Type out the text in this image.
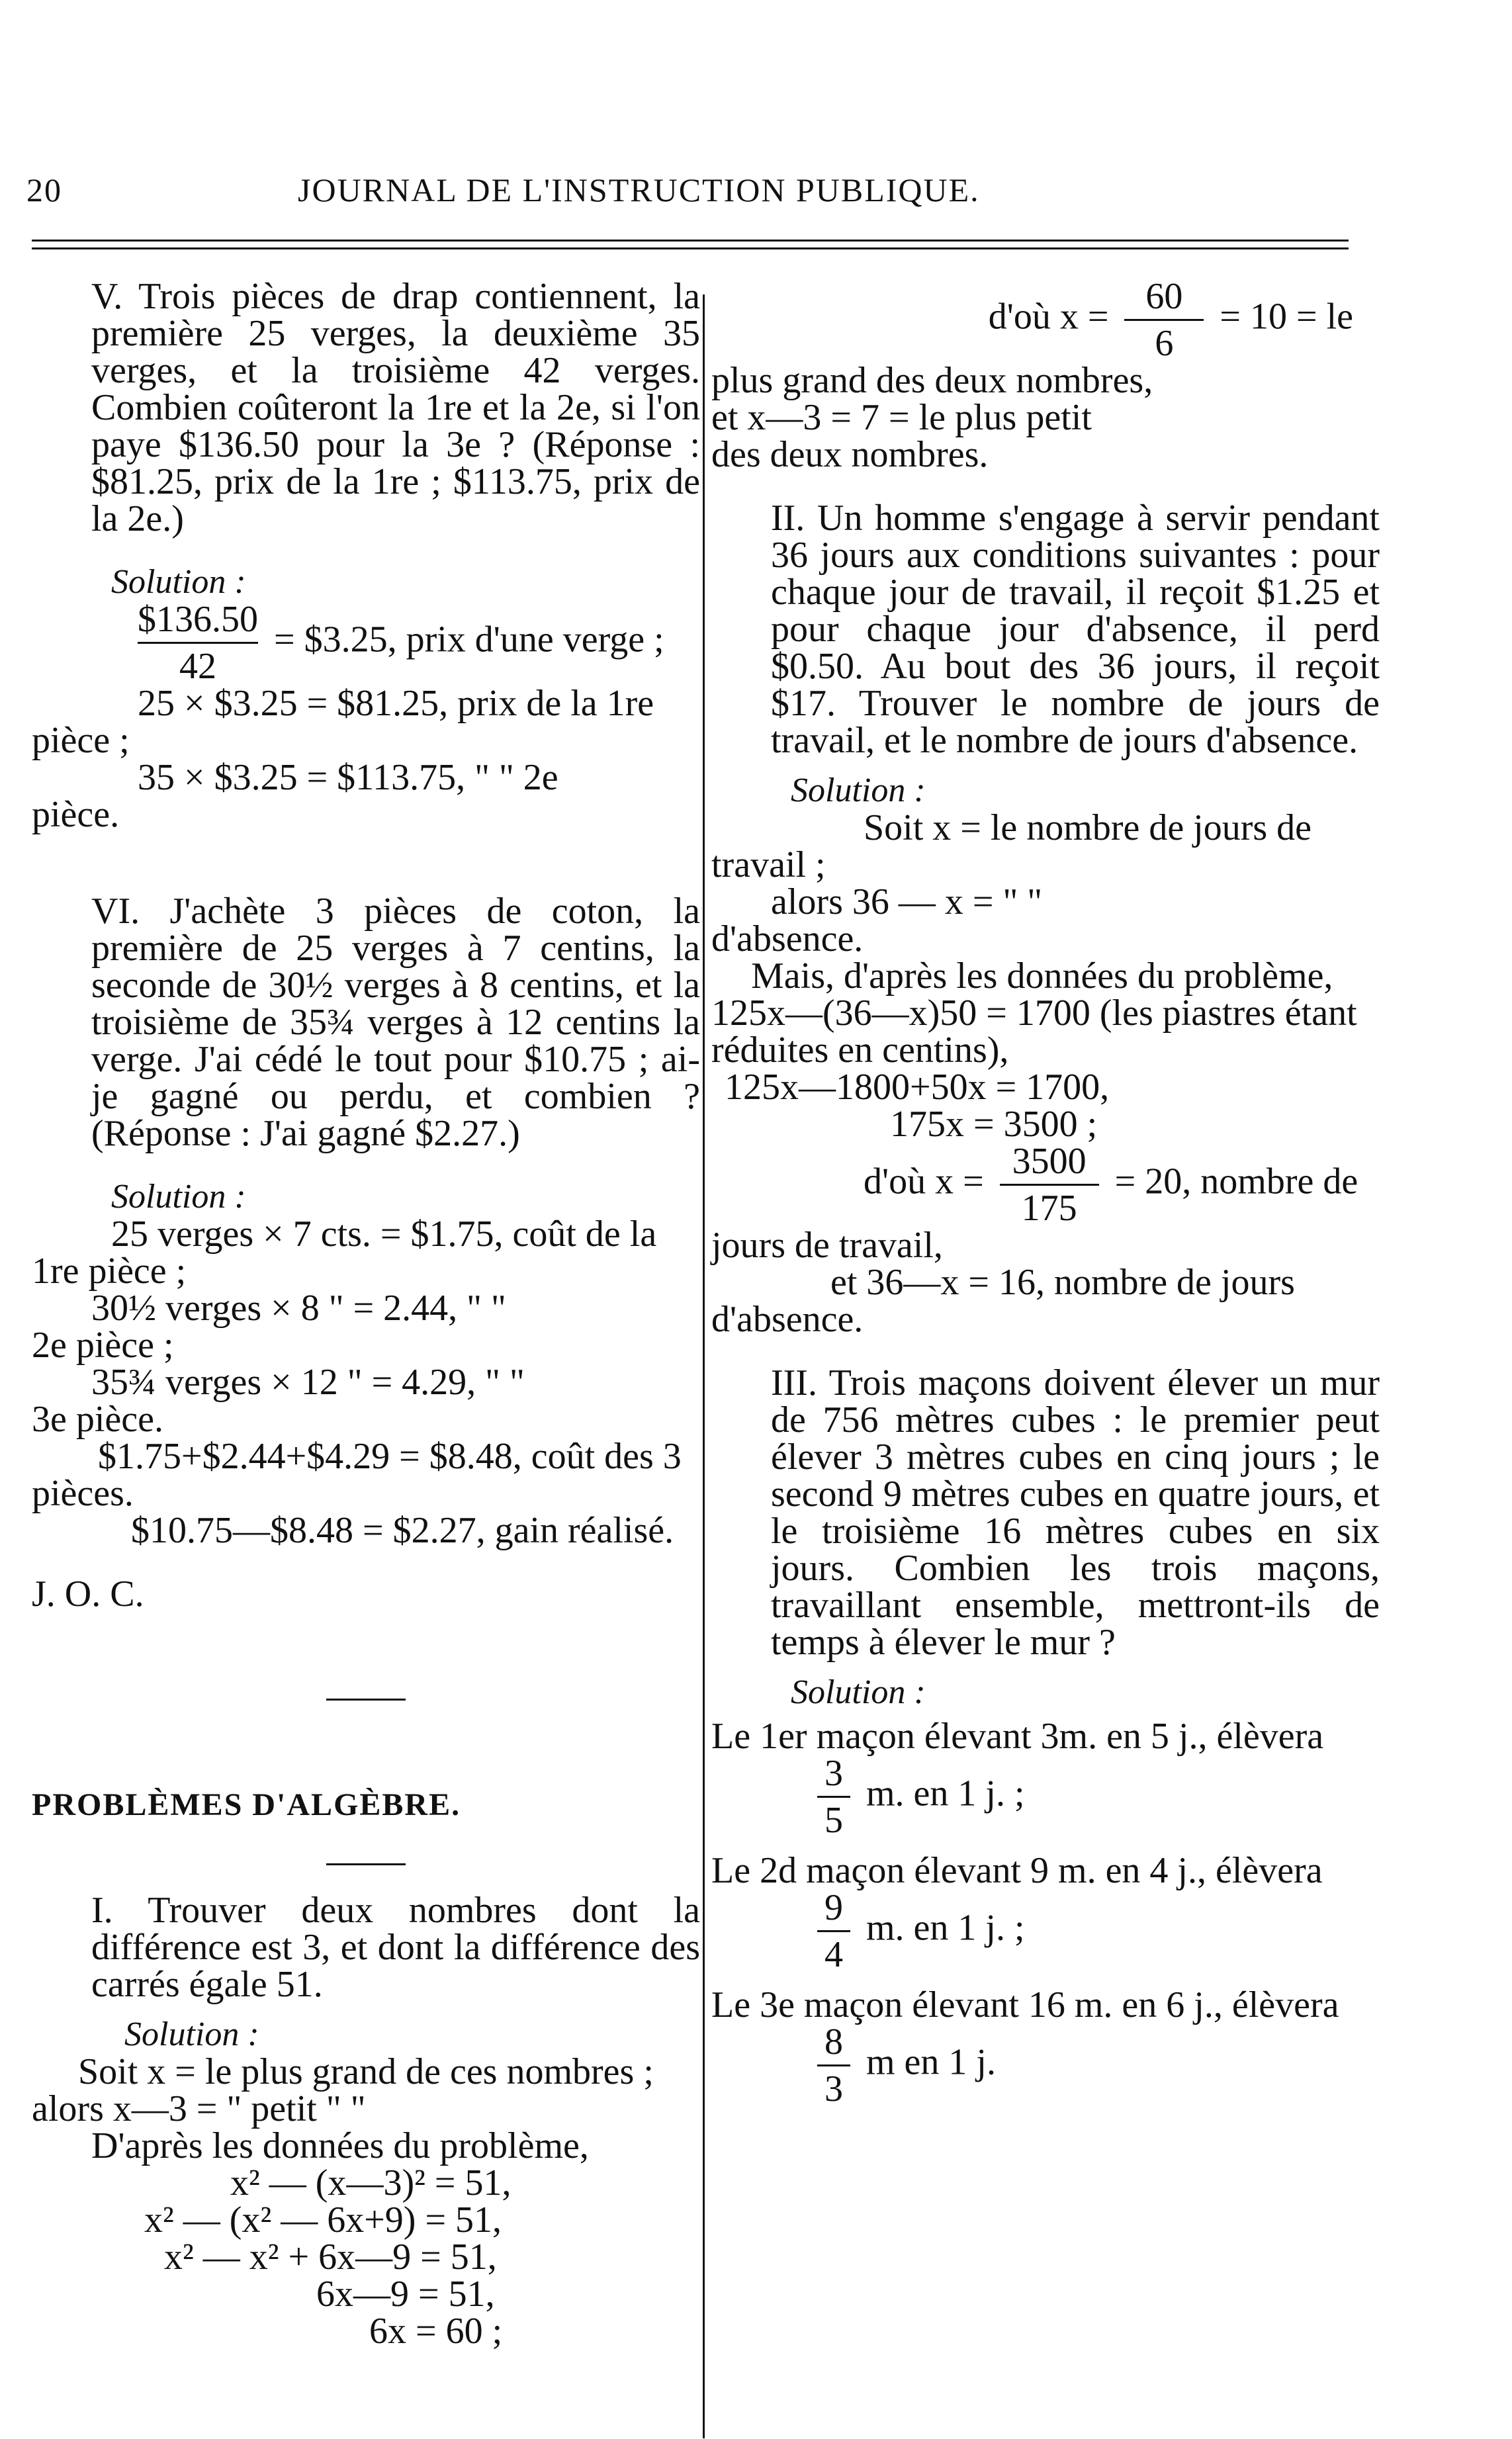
20	JOURNAL DE L'INSTRUCTION PUBLIQUE.

V. Trois pièces de drap contiennent, la première 25 verges, la deuxième 35 verges, et la troisième 42 verges. Combien coûteront la 1re et la 2e, si l'on paye $136.50 pour la 3e ? (Réponse : $81.25, prix de la 1re ; $113.75, prix de la 2e.)

Solution :

$\frac{\$136.50}{42}$ = $3.25, prix d'une verge ;

25 × $3.25 = $81.25, prix de la 1re

pièce ;

35 × $3.25 = $113.75, " " 2e

pièce.

VI. J'achète 3 pièces de coton, la première de 25 verges à 7 centins, la seconde de 30½ verges à 8 centins, et la troisième de 35¾ verges à 12 centins la verge. J'ai cédé le tout pour $10.75 ; ai-je gagné ou perdu, et combien ? (Réponse : J'ai gagné $2.27.)

Solution :

25 verges × 7 cts. = $1.75, coût de la

1re pièce ;

30½ verges × 8 " = 2.44, " "

2e pièce ;

35¾ verges × 12 " = 4.29, " "

3e pièce.

$1.75+$2.44+$4.29 = $8.48, coût des 3

pièces.

$10.75—$8.48 = $2.27, gain réalisé.

J. O. C.

PROBLÈMES D'ALGÈBRE.

I. Trouver deux nombres dont la différence est 3, et dont la différence des carrés égale 51.

Solution :

Soit x = le plus grand de ces nombres ;

alors x—3 = " petit " "

D'après les données du problème,

x² — (x—3)² = 51,

x² — (x² — 6x+9) = 51,

x² — x² + 6x—9 = 51,

6x—9 = 51,

6x = 60 ;

d'où $x = \frac{60}{6} = 10$ = le

plus grand des deux nombres,

et x—3 = 7 = le plus petit

des deux nombres.

II. Un homme s'engage à servir pendant 36 jours aux conditions suivantes : pour chaque jour de travail, il reçoit $1.25 et pour chaque jour d'absence, il perd $0.50. Au bout des 36 jours, il reçoit $17. Trouver le nombre de jours de travail, et le nombre de jours d'absence.

Solution :

Soit x = le nombre de jours de

travail ;

alors 36 — x = " "

d'absence.

Mais, d'après les données du problème,

125x—(36—x)50 = 1700 (les piastres étant

réduites en centins),

125x—1800+50x = 1700,

175x = 3500 ;

d'où $x = \frac{3500}{175} = 20$, nombre de

jours de travail,

et 36—x = 16, nombre de jours

d'absence.

III. Trois maçons doivent élever un mur de 756 mètres cubes : le premier peut élever 3 mètres cubes en cinq jours ; le second 9 mètres cubes en quatre jours, et le troisième 16 mètres cubes en six jours. Combien les trois maçons, travaillant ensemble, mettront-ils de temps à élever le mur ?

Solution :

Le 1er maçon élevant 3m. en 5 j., élèvera

$\frac{3}{5} m$. en 1 j. ;

Le 2d maçon élevant 9 m. en 4 j., élèvera

$\frac{9}{4} m$. en 1 j. ;

Le 3e maçon élevant 16 m. en 6 j., élèvera

$\frac{8}{3}$ m en 1 j.
